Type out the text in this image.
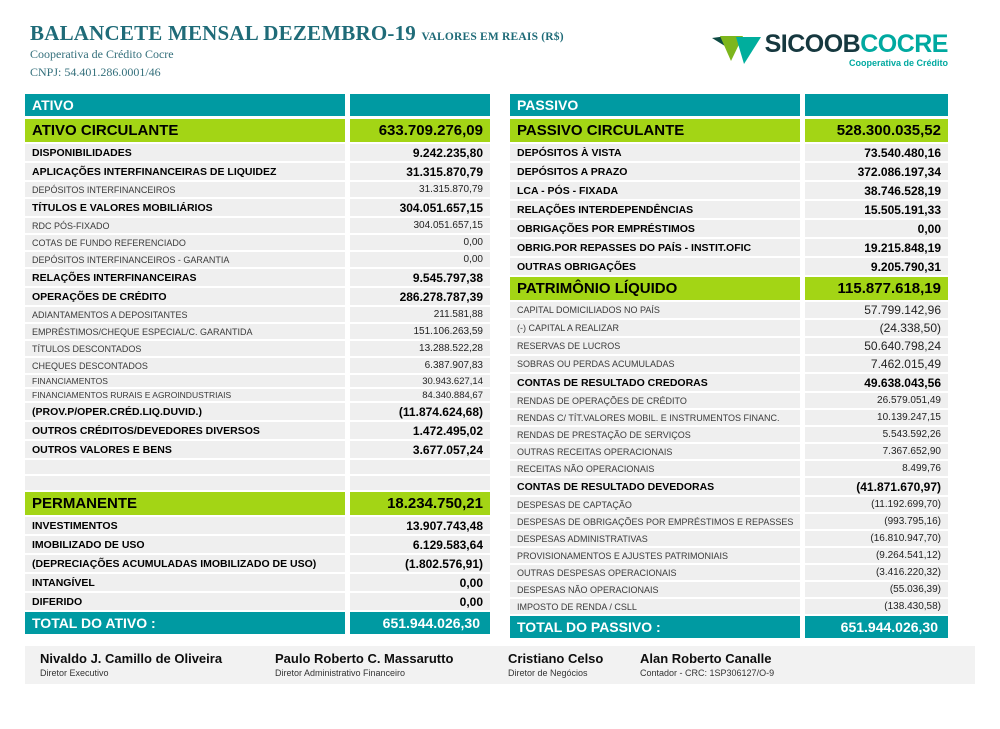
BALANCETE MENSAL DEZEMBRO-19 VALORES EM REAIS (R$)
Cooperativa de Crédito Cocre
CNPJ: 54.401.286.0001/46
SICOOBCOCRE
Cooperativa de Crédito
ATIVO
ATIVO CIRCULANTE	633.709.276,09
DISPONIBILIDADES	9.242.235,80
APLICAÇÕES INTERFINANCEIRAS DE LIQUIDEZ	31.315.870,79
DEPÓSITOS INTERFINANCEIROS	31.315.870,79
TÍTULOS E VALORES MOBILIÁRIOS	304.051.657,15
RDC PÓS-FIXADO	304.051.657,15
COTAS DE FUNDO REFERENCIADO	0,00
DEPÓSITOS INTERFINANCEIROS - GARANTIA	0,00
RELAÇÕES INTERFINANCEIRAS	9.545.797,38
OPERAÇÕES DE CRÉDITO	286.278.787,39
ADIANTAMENTOS A DEPOSITANTES	211.581,88
EMPRÉSTIMOS/CHEQUE ESPECIAL/C. GARANTIDA	151.106.263,59
TÍTULOS DESCONTADOS	13.288.522,28
CHEQUES DESCONTADOS	6.387.907,83
FINANCIAMENTOS	30.943.627,14
FINANCIAMENTOS RURAIS E AGROINDUSTRIAIS	84.340.884,67
(PROV.P/OPER.CRÉD.LIQ.DUVID.)	(11.874.624,68)
OUTROS CRÉDITOS/DEVEDORES DIVERSOS	1.472.495,02
OUTROS VALORES E BENS	3.677.057,24
PERMANENTE	18.234.750,21
INVESTIMENTOS	13.907.743,48
IMOBILIZADO DE USO	6.129.583,64
(DEPRECIAÇÕES ACUMULADAS IMOBILIZADO DE USO)	(1.802.576,91)
INTANGÍVEL	0,00
DIFERIDO	0,00
TOTAL DO ATIVO :	651.944.026,30
PASSIVO
PASSIVO CIRCULANTE	528.300.035,52
DEPÓSITOS À VISTA	73.540.480,16
DEPÓSITOS A PRAZO	372.086.197,34
LCA - PÓS - FIXADA	38.746.528,19
RELAÇÕES INTERDEPENDÊNCIAS	15.505.191,33
OBRIGAÇÕES POR EMPRÉSTIMOS	0,00
OBRIG.POR REPASSES DO PAÍS - INSTIT.OFIC	19.215.848,19
OUTRAS OBRIGAÇÕES	9.205.790,31
PATRIMÔNIO LÍQUIDO	115.877.618,19
CAPITAL DOMICILIADOS NO PAÍS	57.799.142,96
(-) CAPITAL A REALIZAR	(24.338,50)
RESERVAS DE LUCROS	50.640.798,24
SOBRAS OU PERDAS ACUMULADAS	7.462.015,49
CONTAS DE RESULTADO CREDORAS	49.638.043,56
RENDAS DE OPERAÇÕES DE CRÉDITO	26.579.051,49
RENDAS C/ TÍT.VALORES MOBIL. E INSTRUMENTOS FINANC.	10.139.247,15
RENDAS DE PRESTAÇÃO DE SERVIÇOS	5.543.592,26
OUTRAS RECEITAS OPERACIONAIS	7.367.652,90
RECEITAS NÃO OPERACIONAIS	8.499,76
CONTAS DE RESULTADO DEVEDORAS	(41.871.670,97)
DESPESAS DE CAPTAÇÃO	(11.192.699,70)
DESPESAS DE OBRIGAÇÕES POR EMPRÉSTIMOS E REPASSES	(993.795,16)
DESPESAS ADMINISTRATIVAS	(16.810.947,70)
PROVISIONAMENTOS E AJUSTES PATRIMONIAIS	(9.264.541,12)
OUTRAS DESPESAS OPERACIONAIS	(3.416.220,32)
DESPESAS NÃO OPERACIONAIS	(55.036,39)
IMPOSTO DE RENDA / CSLL	(138.430,58)
TOTAL DO PASSIVO :	651.944.026,30
Nivaldo J. Camillo de Oliveira
Diretor Executivo
Paulo Roberto C. Massarutto
Diretor Administrativo Financeiro
Cristiano Celso
Diretor de Negócios
Alan Roberto Canalle
Contador - CRC: 1SP306127/O-9
